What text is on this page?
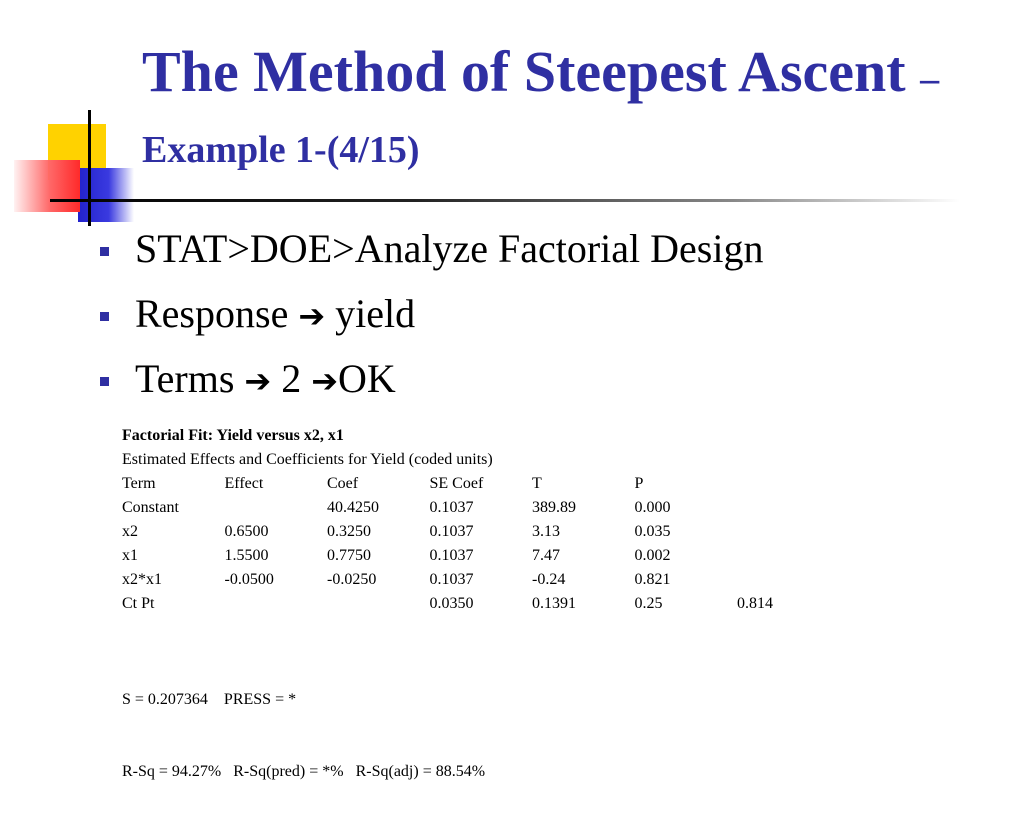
The Method of Steepest Ascent – Example 1-(4/15)
STAT>DOE>Analyze Factorial Design
Response ➔ yield
Terms ➔ 2 ➔OK
Factorial Fit: Yield versus x2, x1
Estimated Effects and Coefficients for Yield (coded units)
Term	Effect	Coef	SE Coef	T	P	
Constant		40.4250	0.1037	389.89	0.000	
x2	0.6500	0.3250	0.1037	3.13	0.035	
x1	1.5500	0.7750	0.1037	7.47	0.002	
x2*x1	-0.0500	-0.0250	0.1037	-0.24	0.821	
Ct Pt			0.0350	0.1391	0.25	0.814

S = 0.207364    PRESS = *

R-Sq = 94.27%   R-Sq(pred) = *%   R-Sq(adj) = 88.54%
